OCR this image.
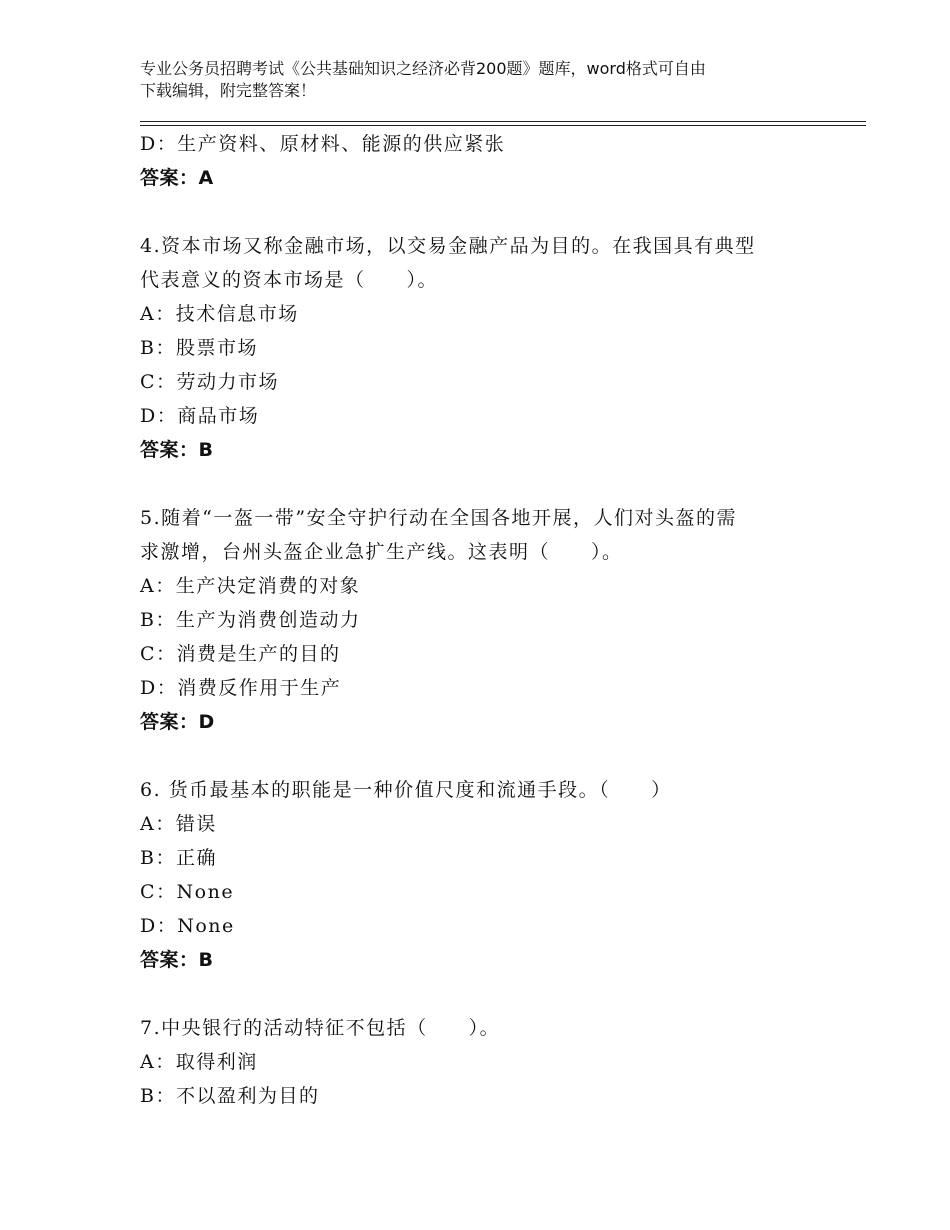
专业公务员招聘考试《公共基础知识之经济必背200题》题库，word格式可自由
下载编辑，附完整答案！
D：生产资料、原材料、能源的供应紧张
答案：A
4.资本市场又称金融市场，以交易金融产品为目的。在我国具有典型
代表意义的资本市场是（　　）。
A：技术信息市场
B：股票市场
C：劳动力市场
D：商品市场
答案：B
5.随着“一盔一带”安全守护行动在全国各地开展，人们对头盔的需
求激增，台州头盔企业急扩生产线。这表明（　　）。
A：生产决定消费的对象
B：生产为消费创造动力
C：消费是生产的目的
D：消费反作用于生产
答案：D
6. 货币最基本的职能是一种价值尺度和流通手段。（　　）
A：错误
B：正确
C：None
D：None
答案：B
7.中央银行的活动特征不包括（　　）。
A：取得利润
B：不以盈利为目的
